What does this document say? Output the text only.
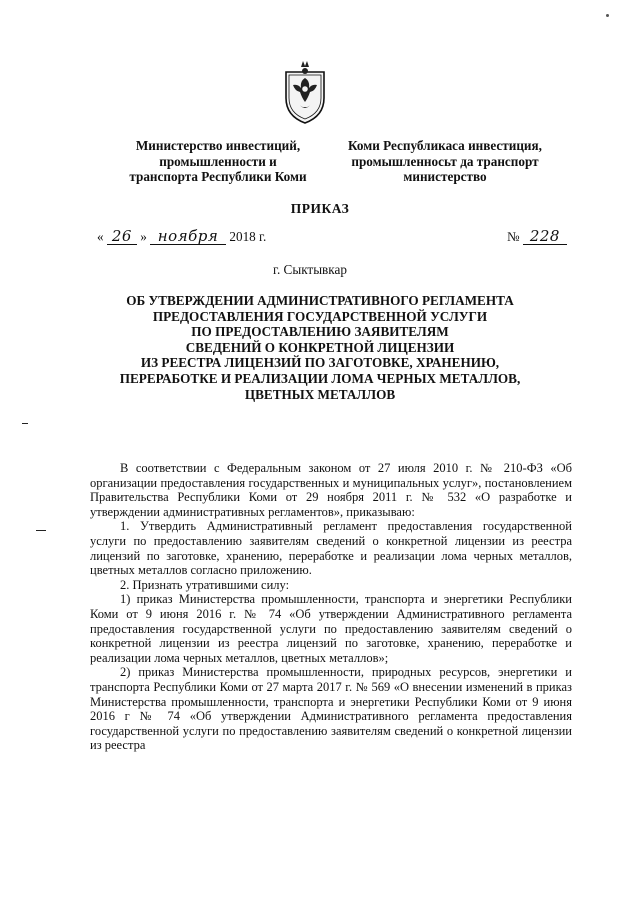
Министерство инвестиций,
промышленности и
транспорта Республики Коми
Коми Республикаса инвестиция,
промышленносьт да транспорт
министерство
ПРИКАЗ
« 26 » ноября 2018 г.	№ 228
г. Сыктывкар
ОБ УТВЕРЖДЕНИИ АДМИНИСТРАТИВНОГО РЕГЛАМЕНТА
ПРЕДОСТАВЛЕНИЯ ГОСУДАРСТВЕННОЙ УСЛУГИ
ПО ПРЕДОСТАВЛЕНИЮ ЗАЯВИТЕЛЯМ
СВЕДЕНИЙ О КОНКРЕТНОЙ ЛИЦЕНЗИИ
ИЗ РЕЕСТРА ЛИЦЕНЗИЙ ПО ЗАГОТОВКЕ, ХРАНЕНИЮ,
ПЕРЕРАБОТКЕ И РЕАЛИЗАЦИИ ЛОМА ЧЕРНЫХ МЕТАЛЛОВ,
ЦВЕТНЫХ МЕТАЛЛОВ

В соответствии с Федеральным законом от 27 июля 2010 г. № 210-ФЗ «Об организации предоставления государственных и муниципальных услуг», постановлением Правительства Республики Коми от 29 ноября 2011 г. № 532 «О разработке и утверждении административных регламентов», приказываю:

1. Утвердить Административный регламент предоставления государственной услуги по предоставлению заявителям сведений о конкретной лицензии из реестра лицензий по заготовке, хранению, переработке и реализации лома черных металлов, цветных металлов согласно приложению.

2. Признать утратившими силу:

1) приказ Министерства промышленности, транспорта и энергетики Республики Коми от 9 июня 2016 г. № 74 «Об утверждении Административного регламента предоставления государственной услуги по предоставлению заявителям сведений о конкретной лицензии из реестра лицензий по заготовке, хранению, переработке и реализации лома черных металлов, цветных металлов»;

2) приказ Министерства промышленности, природных ресурсов, энергетики и транспорта Республики Коми от 27 марта 2017 г. № 569 «О внесении изменений в приказ Министерства промышленности, транспорта и энергетики Республики Коми от 9 июня 2016 г № 74 «Об утверждении Административного регламента предоставления государственной услуги по предоставлению заявителям сведений о конкретной лицензии из реестра
